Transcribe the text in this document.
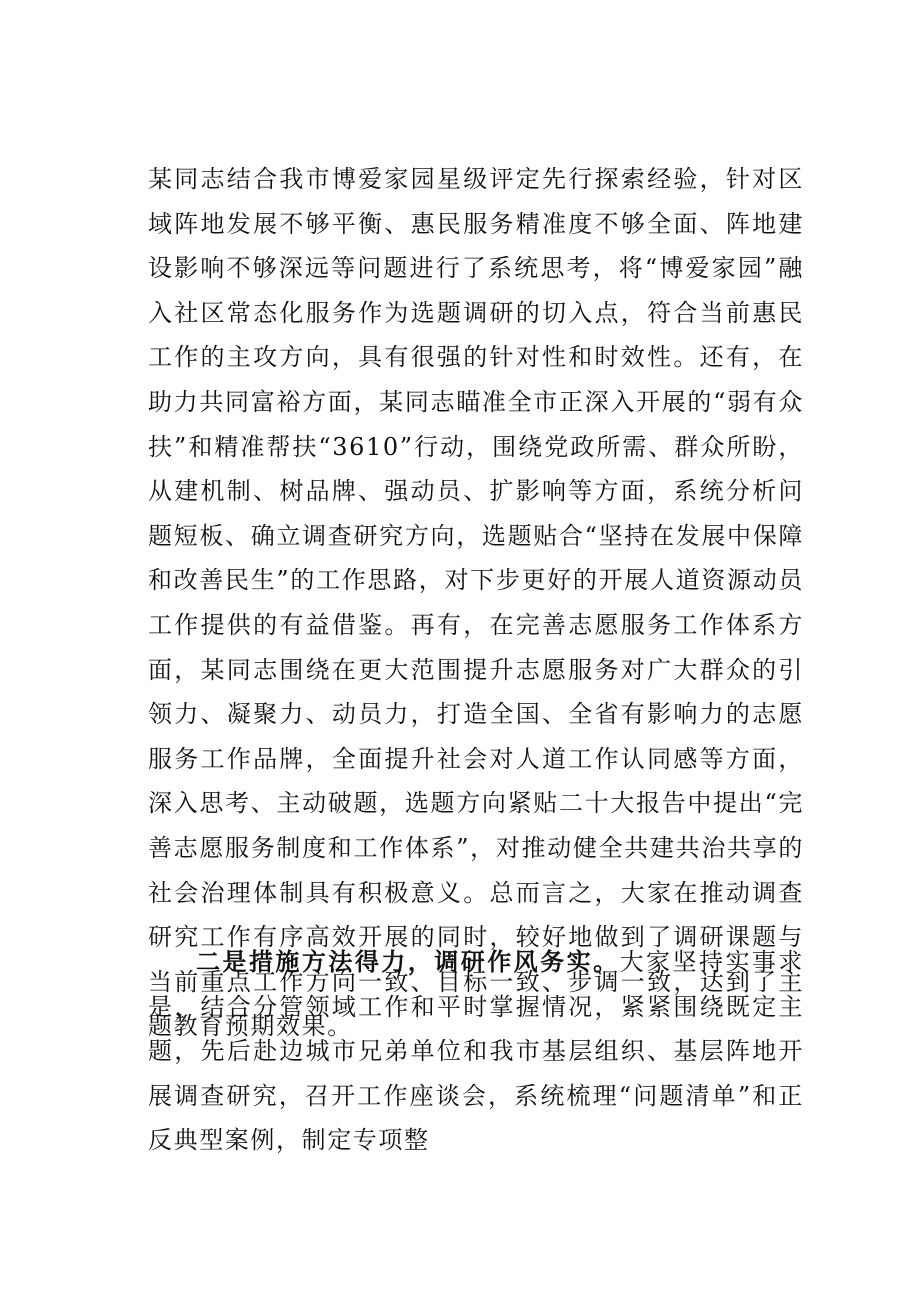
某同志结合我市博爱家园星级评定先行探索经验，针对区域阵地发展不够平衡、惠民服务精准度不够全面、阵地建设影响不够深远等问题进行了系统思考，将“博爱家园”融入社区常态化服务作为选题调研的切入点，符合当前惠民工作的主攻方向，具有很强的针对性和时效性。还有，在助力共同富裕方面，某同志瞄准全市正深入开展的“弱有众扶”和精准帮扶“3610”行动，围绕党政所需、群众所盼，从建机制、树品牌、强动员、扩影响等方面，系统分析问题短板、确立调查研究方向，选题贴合“坚持在发展中保障和改善民生”的工作思路，对下步更好的开展人道资源动员工作提供的有益借鉴。再有，在完善志愿服务工作体系方面，某同志围绕在更大范围提升志愿服务对广大群众的引领力、凝聚力、动员力，打造全国、全省有影响力的志愿服务工作品牌，全面提升社会对人道工作认同感等方面，深入思考、主动破题，选题方向紧贴二十大报告中提出“完善志愿服务制度和工作体系”，对推动健全共建共治共享的社会治理体制具有积极意义。总而言之，大家在推动调查研究工作有序高效开展的同时，较好地做到了调研课题与当前重点工作方向一致、目标一致、步调一致，达到了主题教育预期效果。

二是措施方法得力，调研作风务实。大家坚持实事求是，结合分管领域工作和平时掌握情况，紧紧围绕既定主题，先后赴边城市兄弟单位和我市基层组织、基层阵地开展调查研究，召开工作座谈会，系统梳理“问题清单”和正反典型案例，制定专项整
